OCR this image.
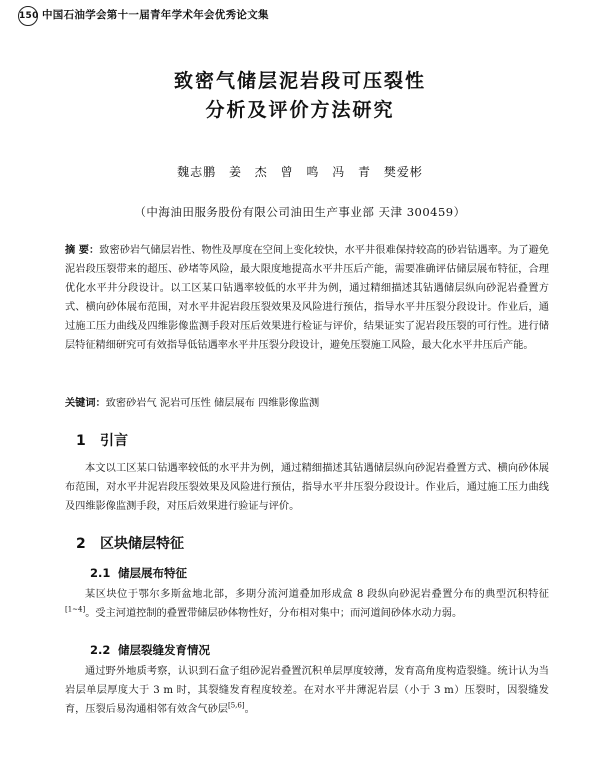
150 中国石油学会第十一届青年学术年会优秀论文集
致密气储层泥岩段可压裂性
分析及评价方法研究
魏志鹏 姜 杰 曾 鸣 冯 青 樊爱彬
（中海油田服务股份有限公司油田生产事业部 天津 300459）
摘 要：致密砂岩气储层岩性、物性及厚度在空间上变化较快，水平井很难保持较高的砂岩钻遇率。为了避免泥岩段压裂带来的超压、砂堵等风险，最大限度地提高水平井压后产能，需要准确评估储层展布特征，合理优化水平井分段设计。以工区某口钻遇率较低的水平井为例，通过精细描述其钻遇储层纵向砂泥岩叠置方式、横向砂体展布范围，对水平井泥岩段压裂效果及风险进行预估，指导水平井压裂分段设计。作业后，通过施工压力曲线及四维影像监测手段对压后效果进行检证与评价，结果证实了泥岩段压裂的可行性。进行储层特征精细研究可有效指导低钻遇率水平井压裂分段设计，避免压裂施工风险，最大化水平井压后产能。
关键词：致密砂岩气 泥岩可压性 储层展布 四维影像监测
1 引言
本文以工区某口钻遇率较低的水平井为例，通过精细描述其钻遇储层纵向砂泥岩叠置方式、横向砂体展布范围，对水平井泥岩段压裂效果及风险进行预估，指导水平井压裂分段设计。作业后，通过施工压力曲线及四维影像监测手段，对压后效果进行验证与评价。
2 区块储层特征
2.1 储层展布特征
某区块位于鄂尔多斯盆地北部，多期分流河道叠加形成盒 8 段纵向砂泥岩叠置分布的典型沉积特征[1~4]。受主河道控制的叠置带储层砂体物性好，分布相对集中；而河道间砂体水动力弱。
2.2 储层裂缝发育情况
通过野外地质考察，认识到石盒子组砂泥岩叠置沉积单层厚度较薄，发育高角度构造裂缝。统计认为当岩层单层厚度大于 3 m 时，其裂缝发育程度较差。在对水平井薄泥岩层（小于 3 m）压裂时，因裂缝发育，压裂后易沟通相邻有效含气砂层[5,6]。
